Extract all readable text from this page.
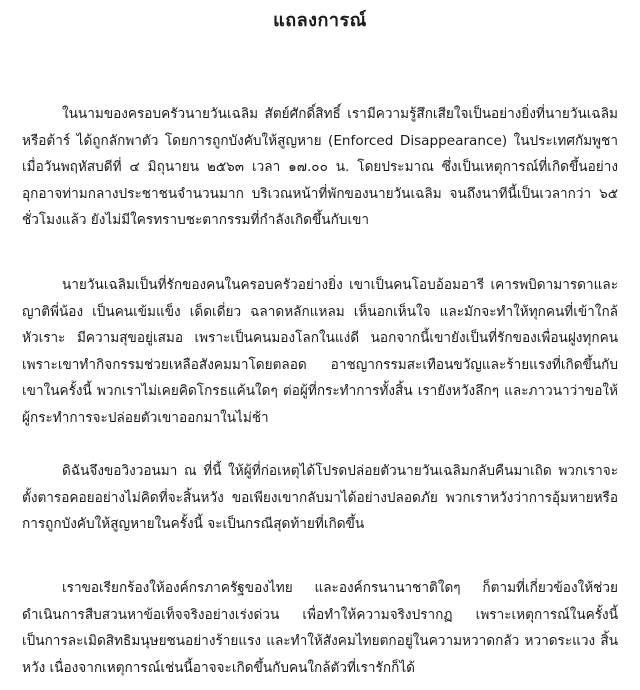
แถลงการณ์

ในนามของครอบครัวนายวันเฉลิม สัตย์ศักดิ์สิทธิ์ เรามีความรู้สึกเสียใจเป็นอย่างยิ่งที่นายวันเฉลิม หรือต้าร์ ได้ถูกลักพาตัว โดยการถูกบังคับให้สูญหาย (Enforced Disappearance) ในประเทศกัมพูชา เมื่อวันพฤหัสบดีที่ ๔ มิถุนายน ๒๕๖๓ เวลา ๑๗.๐๐ น. โดยประมาณ ซึ่งเป็นเหตุการณ์ที่เกิดขึ้นอย่างอุกอาจท่ามกลางประชาชนจำนวนมาก บริเวณหน้าที่พักของนายวันเฉลิม จนถึงนาทีนี้เป็นเวลากว่า ๖๕ ชั่วโมงแล้ว ยังไม่มีใครทราบชะตากรรมที่กำลังเกิดขึ้นกับเขา

นายวันเฉลิมเป็นที่รักของคนในครอบครัวอย่างยิ่ง เขาเป็นคนโอบอ้อมอารี เคารพบิดามารดาและญาติพี่น้อง เป็นคนเข้มแข็ง เด็ดเดี่ยว ฉลาดหลักแหลม เห็นอกเห็นใจ และมักจะทำให้ทุกคนที่เข้าใกล้หัวเราะ มีความสุขอยู่เสมอ เพราะเป็นคนมองโลกในแง่ดี นอกจากนี้เขายังเป็นที่รักของเพื่อนฝูงทุกคน เพราะเขาทำกิจกรรมช่วยเหลือสังคมมาโดยตลอด อาชญากรรมสะเทือนขวัญและร้ายแรงที่เกิดขึ้นกับเขาในครั้งนี้ พวกเราไม่เคยคิดโกรธแค้นใดๆ ต่อผู้ที่กระทำการทั้งสิ้น เรายังหวังลึกๆ และภาวนาว่าขอให้ผู้กระทำการจะปล่อยตัวเขาออกมาในไม่ช้า

ดิฉันจึงขอวิงวอนมา ณ ที่นี้ ให้ผู้ที่ก่อเหตุได้โปรดปล่อยตัวนายวันเฉลิมกลับคืนมาเถิด พวกเราจะตั้งตารอคอยอย่างไม่คิดที่จะสิ้นหวัง ขอเพียงเขากลับมาได้อย่างปลอดภัย พวกเราหวังว่าการอุ้มหายหรือการถูกบังคับให้สูญหายในครั้งนี้ จะเป็นกรณีสุดท้ายที่เกิดขึ้น

เราขอเรียกร้องให้องค์กรภาครัฐของไทย และองค์กรนานาชาติใดๆ ก็ตามที่เกี่ยวข้องให้ช่วยดำเนินการสืบสวนหาข้อเท็จจริงอย่างเร่งด่วน เพื่อทำให้ความจริงปรากฏ เพราะเหตุการณ์ในครั้งนี้เป็นการละเมิดสิทธิมนุษยชนอย่างร้ายแรง และทำให้สังคมไทยตกอยู่ในความหวาดกลัว หวาดระแวง สิ้นหวัง เนื่องจากเหตุการณ์เช่นนี้อาจจะเกิดขึ้นกับคนใกล้ตัวที่เรารักก็ได้
